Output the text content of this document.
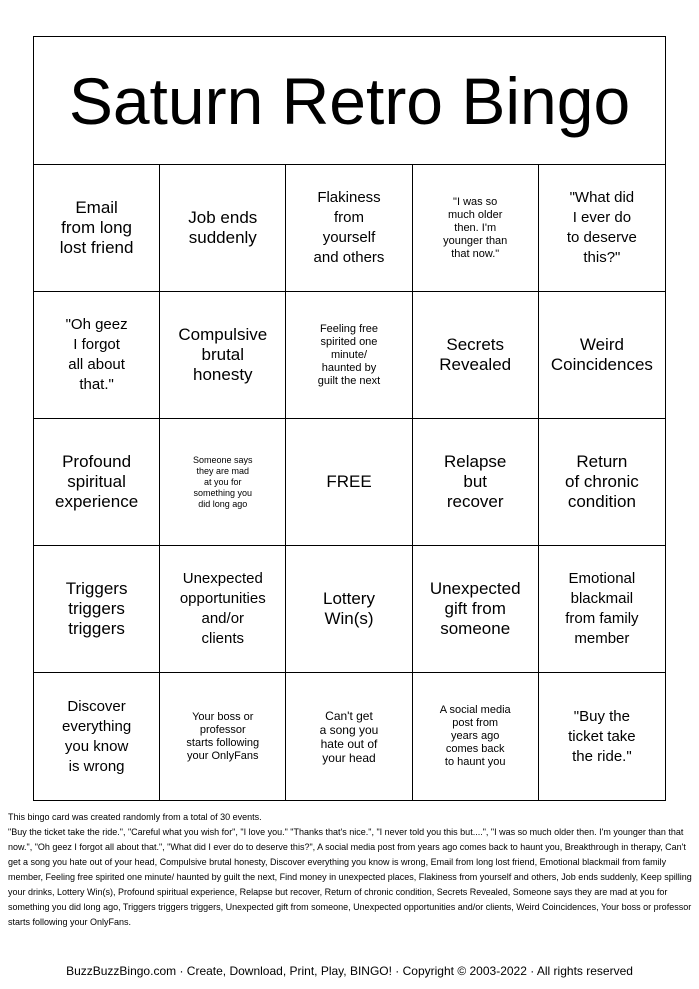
Saturn Retro Bingo
Email
from long
lost friend
Job ends
suddenly
Flakiness
from
yourself
and others
"I was so
much older
then. I'm
younger than
that now."
"What did
I ever do
to deserve
this?"
"Oh geez
I forgot
all about
that."
Compulsive
brutal
honesty
Feeling free
spirited one
minute/
haunted by
guilt the next
Secrets
Revealed
Weird
Coincidences
Profound
spiritual
experience
Someone says
they are mad
at you for
something you
did long ago
FREE
Relapse
but
recover
Return
of chronic
condition
Triggers
triggers
triggers
Unexpected
opportunities
and/or
clients
Lottery
Win(s)
Unexpected
gift from
someone
Emotional
blackmail
from family
member
Discover
everything
you know
is wrong
Your boss or
professor
starts following
your OnlyFans
Can't get
a song you
hate out of
your head
A social media
post from
years ago
comes back
to haunt you
"Buy the
ticket take
the ride."

This bingo card was created randomly from a total of 30 events.

"Buy the ticket take the ride.", "Careful what you wish for", "I love you." "Thanks that's nice.", "I never told you this but....", "I was so much older then. I'm younger than that now.", "Oh geez I forgot all about that.", "What did I ever do to deserve this?", A social media post from years ago comes back to haunt you, Breakthrough in therapy, Can't get a song you hate out of your head, Compulsive brutal honesty, Discover everything you know is wrong, Email from long lost friend, Emotional blackmail from family member, Feeling free spirited one minute/ haunted by guilt the next, Find money in unexpected places, Flakiness from yourself and others, Job ends suddenly, Keep spilling your drinks, Lottery Win(s), Profound spiritual experience, Relapse but recover, Return of chronic condition, Secrets Revealed, Someone says they are mad at you for something you did long ago, Triggers triggers triggers, Unexpected gift from someone, Unexpected opportunities and/or clients, Weird Coincidences, Your boss or professor starts following your OnlyFans.

BuzzBuzzBingo.com · Create, Download, Print, Play, BINGO! · Copyright © 2003-2022 · All rights reserved
